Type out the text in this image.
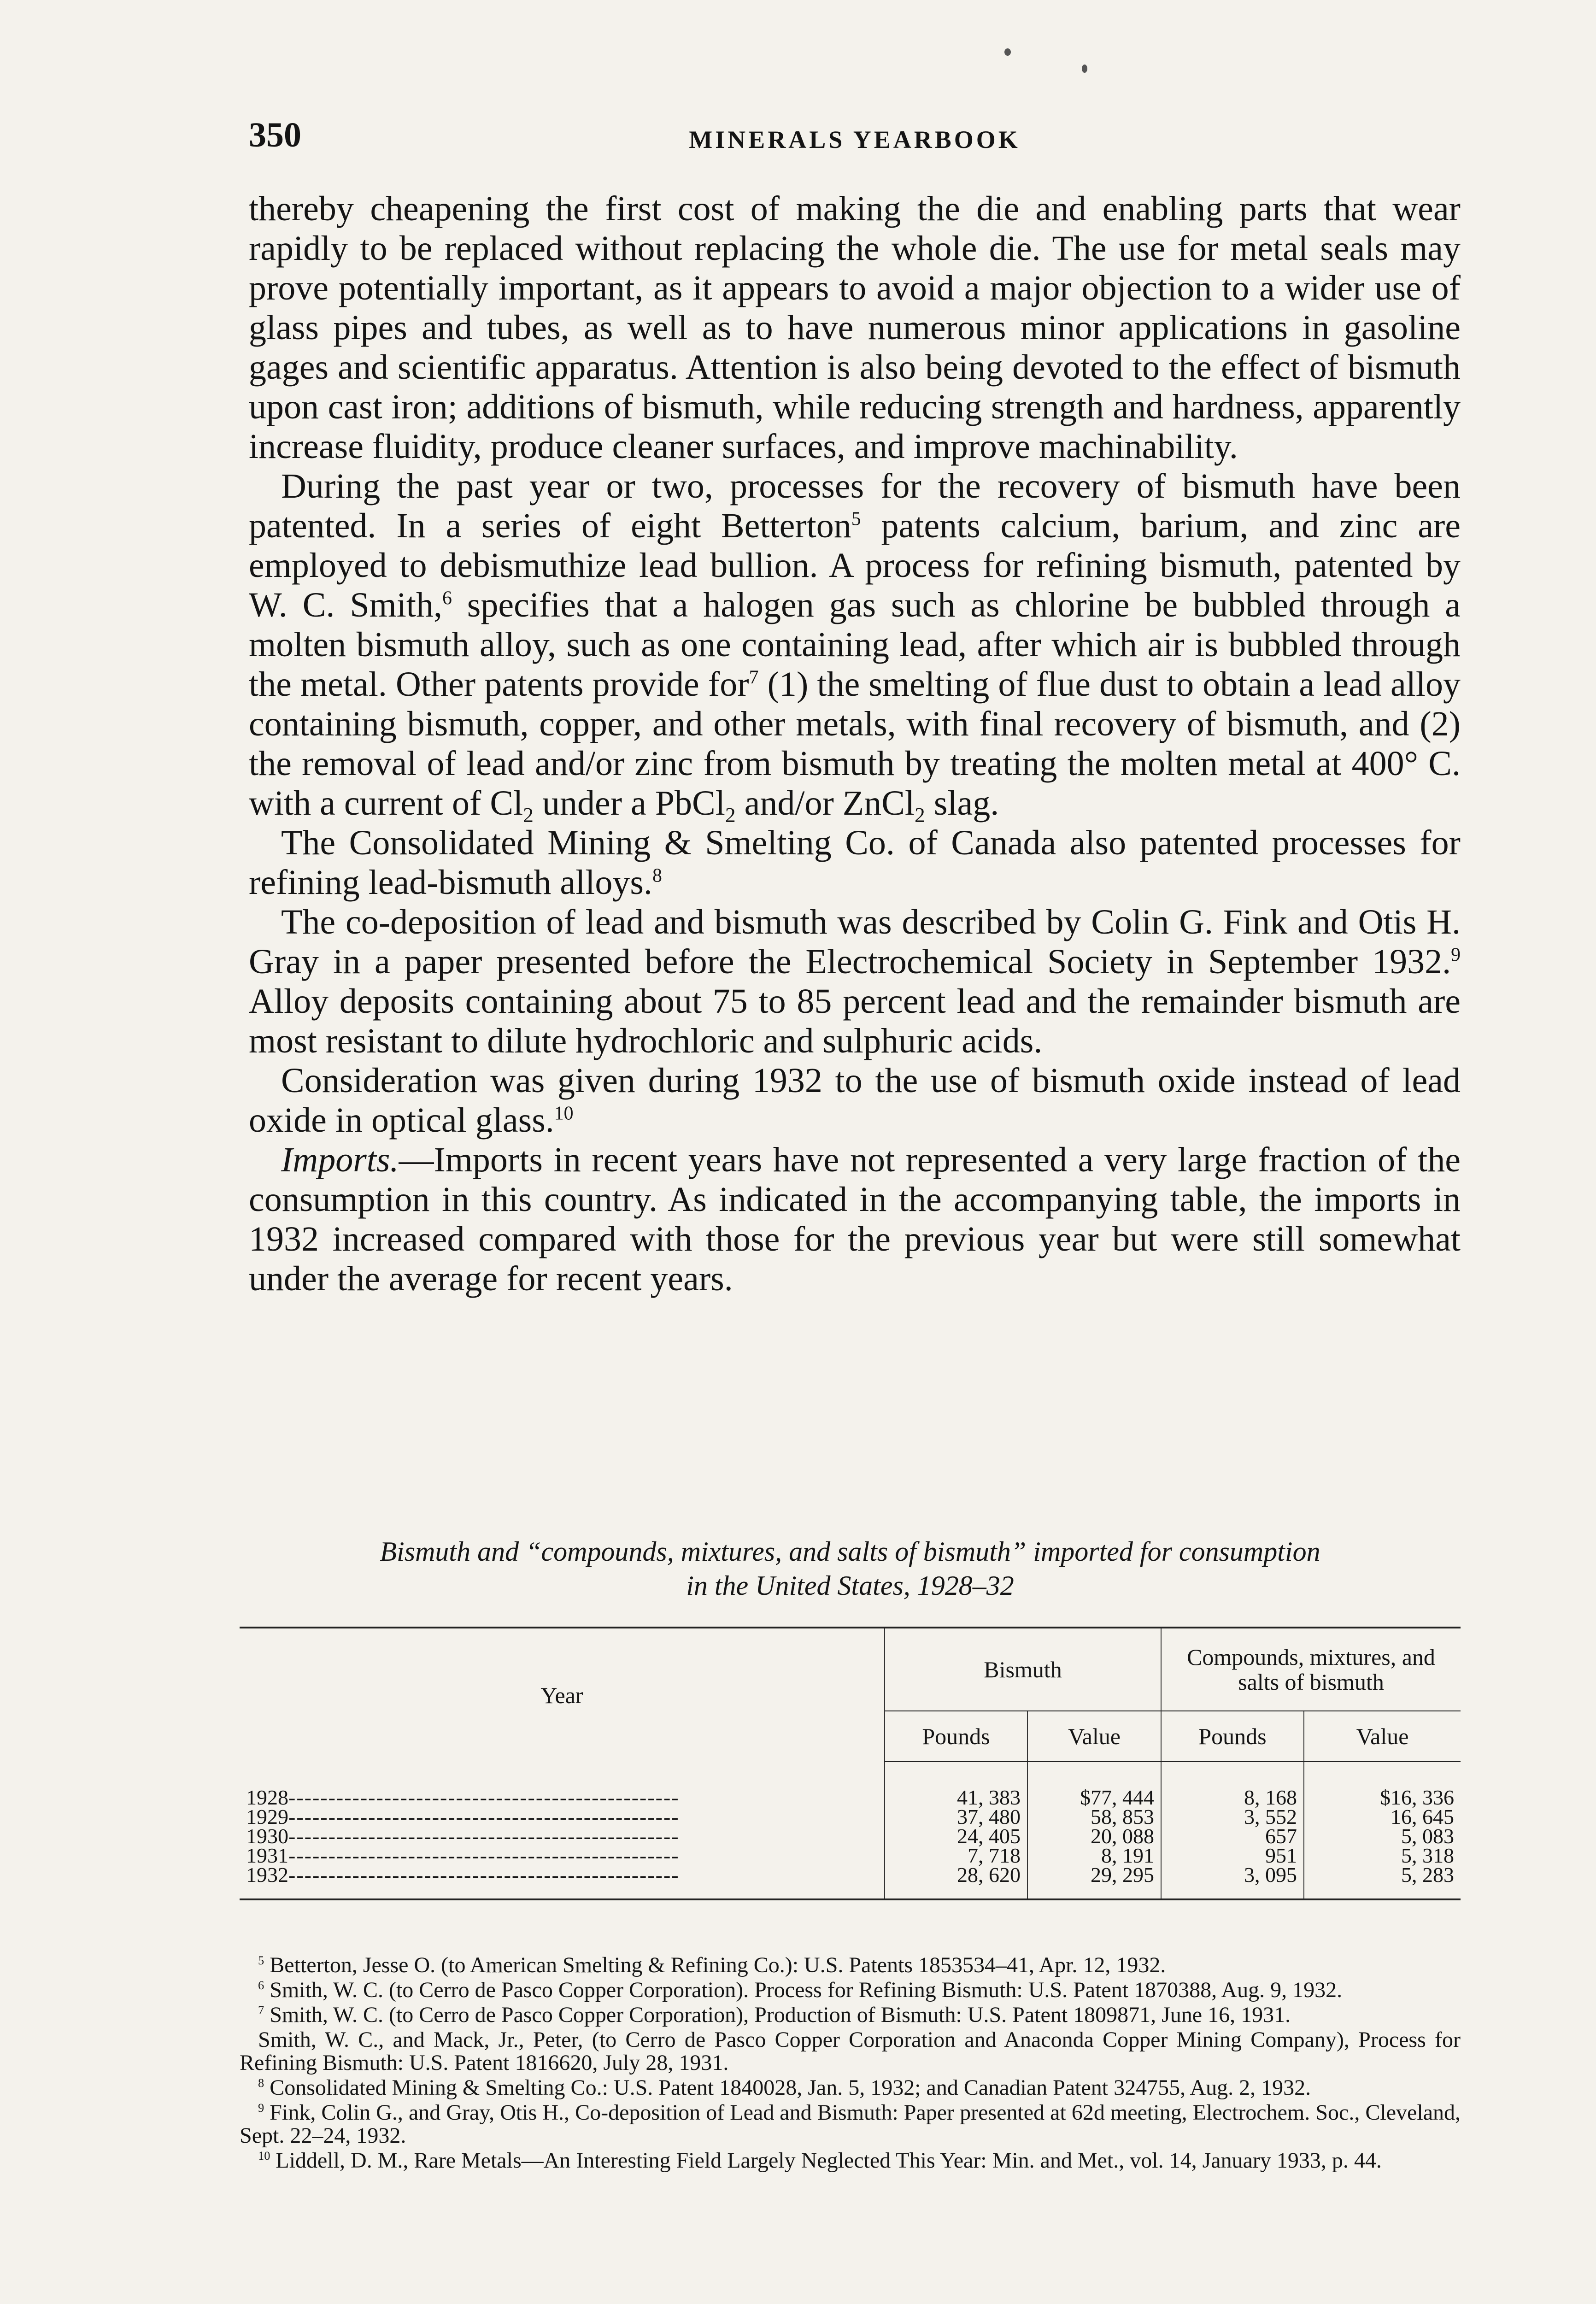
350	MINERALS YEARBOOK

thereby cheapening the first cost of making the die and enabling parts that wear rapidly to be replaced without replacing the whole die. The use for metal seals may prove potentially important, as it appears to avoid a major objection to a wider use of glass pipes and tubes, as well as to have numerous minor applications in gasoline gages and scientific apparatus. Attention is also being devoted to the effect of bismuth upon cast iron; additions of bismuth, while reducing strength and hardness, apparently increase fluidity, produce cleaner surfaces, and improve machinability.

During the past year or two, processes for the recovery of bismuth have been patented. In a series of eight Betterton$^5$ patents calcium, barium, and zinc are employed to debismuthize lead bullion. A process for refining bismuth, patented by W. C. Smith,$^6$ specifies that a halogen gas such as chlorine be bubbled through a molten bismuth alloy, such as one containing lead, after which air is bubbled through the metal. Other patents provide for$^7$ (1) the smelting of flue dust to obtain a lead alloy containing bismuth, copper, and other metals, with final recovery of bismuth, and (2) the removal of lead and/or zinc from bismuth by treating the molten metal at 400° C. with a current of $Cl_2$ under a PbCl$_2$ and/or ZnCl$_2$ slag.

The Consolidated Mining & Smelting Co. of Canada also patented processes for refining lead-bismuth alloys.$^8$

The co-deposition of lead and bismuth was described by Colin G. Fink and Otis H. Gray in a paper presented before the Electrochemical Society in September 1932.$^9$ Alloy deposits containing about 75 to 85 percent lead and the remainder bismuth are most resistant to dilute hydrochloric and sulphuric acids.

Consideration was given during 1932 to the use of bismuth oxide instead of lead oxide in optical glass.$^{10}$

Imports.—Imports in recent years have not represented a very large fraction of the consumption in this country. As indicated in the accompanying table, the imports in 1932 increased compared with those for the previous year but were still somewhat under the average for recent years.

Bismuth and “compounds, mixtures, and salts of bismuth” imported for consumption
in the United States, 1928–32
Year	Bismuth		Compounds, mixtures, and salts of bismuth	
	Pounds	Value	Pounds	Value
1928-------------------------------------------------	41, 383	$77, 444	8, 168	$16, 336
1929-------------------------------------------------	37, 480	58, 853	3, 552	16, 645
1930-------------------------------------------------	24, 405	20, 088	657	5, 083
1931-------------------------------------------------	7, 718	8, 191	951	5, 318
1932-------------------------------------------------	28, 620	29, 295	3, 095	5, 283

$^5$ Betterton, Jesse O. (to American Smelting & Refining Co.): U.S. Patents 1853534–41, Apr. 12, 1932.

$^6$ Smith, W. C. (to Cerro de Pasco Copper Corporation). Process for Refining Bismuth: U.S. Patent 1870388, Aug. 9, 1932.

$^7$ Smith, W. C. (to Cerro de Pasco Copper Corporation), Production of Bismuth: U.S. Patent 1809871, June 16, 1931.

Smith, W. C., and Mack, Jr., Peter, (to Cerro de Pasco Copper Corporation and Anaconda Copper Mining Company), Process for Refining Bismuth: U.S. Patent 1816620, July 28, 1931.

$^8$ Consolidated Mining & Smelting Co.: U.S. Patent 1840028, Jan. 5, 1932; and Canadian Patent 324755, Aug. 2, 1932.

$^9$ Fink, Colin G., and Gray, Otis H., Co-deposition of Lead and Bismuth: Paper presented at 62d meeting, Electrochem. Soc., Cleveland, Sept. 22–24, 1932.

$^{10}$ Liddell, D. M., Rare Metals—An Interesting Field Largely Neglected This Year: Min. and Met., vol. 14, January 1933, p. 44.
